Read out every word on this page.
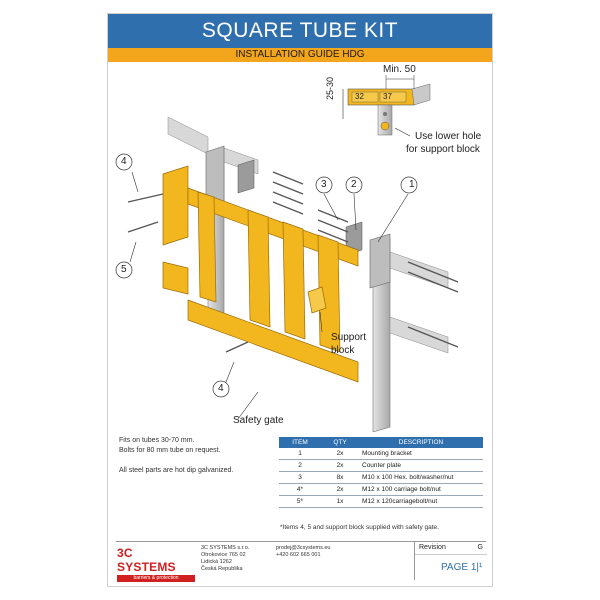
SQUARE TUBE KIT
INSTALLATION GUIDE HDG
Min. 50
25-30	32 37
Use lower hole
for support block
Support
block
Safety gate
1
2
3
4
4
5
Fits on tubes 30-70 mm.
Bolts for 80 mm tube on request.
All steel parts are hot dip galvanized.
ITEM	QTY	DESCRIPTION
1	2x	Mounting bracket
2	2x	Counter plate
3	8x	M10 x 100 Hex. bolt/washer/nut
4*	2x	M12 x 100 carriage bolt/nut
5*	1x	M12 x 120carriagebolt/nut
*Items 4, 5 and support block supplied with safety gate.
3C SYSTEMS
barriers & protection
3C SYSTEMS s.r.o.
Otrokovice 765 02
Lidická 1262
Česká Republika
prodej@3csystems.eu
+420 602 665 001
Revision	G
PAGE 1|¹
